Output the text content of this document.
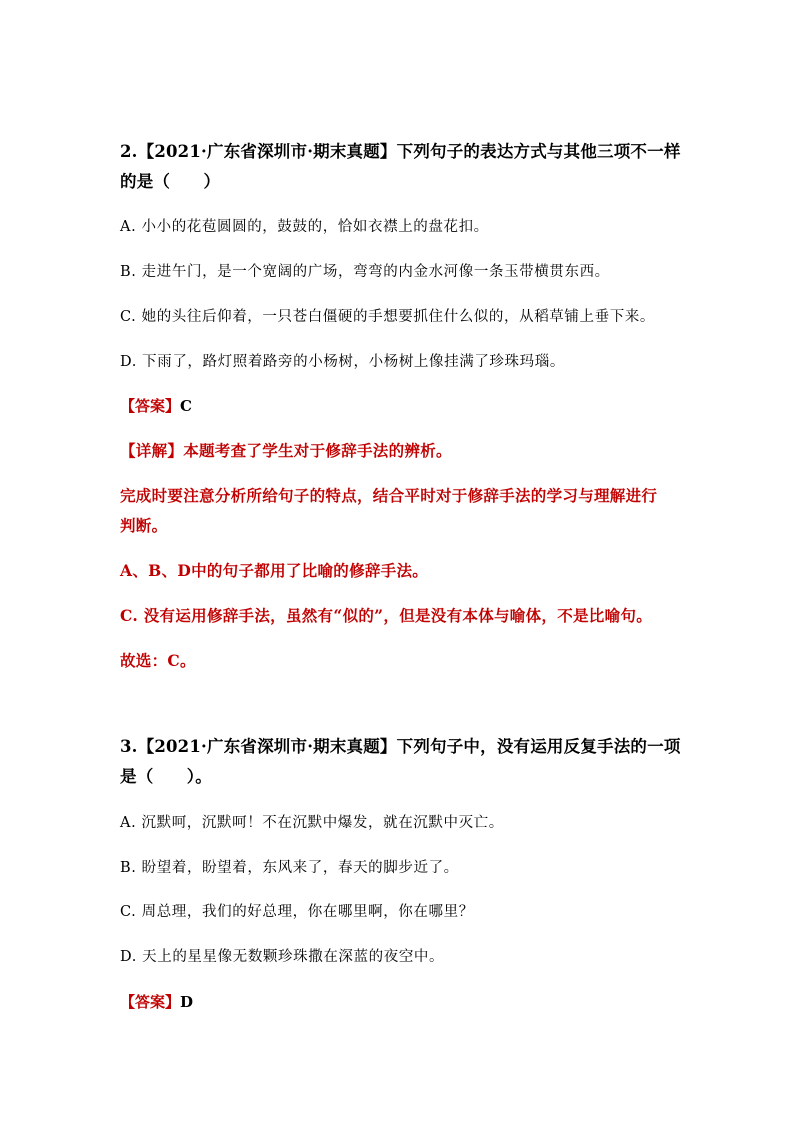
2.【2021·广东省深圳市·期末真题】下列句子的表达方式与其他三项不一样
的是（　　）
A. 小小的花苞圆圆的，鼓鼓的，恰如衣襟上的盘花扣。
B. 走进午门，是一个宽阔的广场，弯弯的内金水河像一条玉带横贯东西。
C. 她的头往后仰着，一只苍白僵硬的手想要抓住什么似的，从稻草铺上垂下来。
D. 下雨了，路灯照着路旁的小杨树，小杨树上像挂满了珍珠玛瑙。
【答案】C
【详解】本题考查了学生对于修辞手法的辨析。
完成时要注意分析所给句子的特点，结合平时对于修辞手法的学习与理解进行
判断。
A、B、D中的句子都用了比喻的修辞手法。
C. 没有运用修辞手法，虽然有“似的”，但是没有本体与喻体，不是比喻句。
故选：C。
3.【2021·广东省深圳市·期末真题】下列句子中，没有运用反复手法的一项
是（　　）。
A. 沉默呵，沉默呵！不在沉默中爆发，就在沉默中灭亡。
B. 盼望着，盼望着，东风来了，春天的脚步近了。
C. 周总理，我们的好总理，你在哪里啊，你在哪里？
D. 天上的星星像无数颗珍珠撒在深蓝的夜空中。
【答案】D
